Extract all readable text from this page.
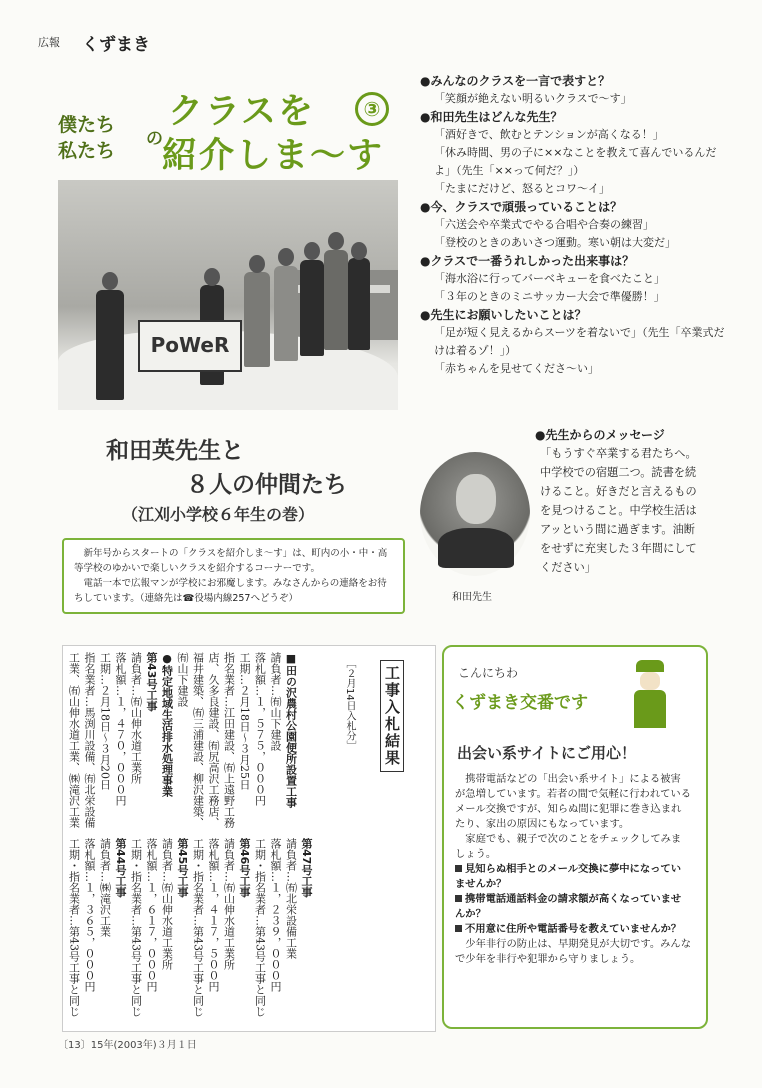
広報 くずまき
僕たち
私たち
の
クラスを
紹介しま～す
③
PoWeR
和田英先生と
８人の仲間たち
（江刈小学校６年生の巻）

新年号からスタートの「クラスを紹介しま～す」は、町内の小・中・高等学校のゆかいで楽しいクラスを紹介するコーナーです。

電話一本で広報マンが学校にお邪魔します。みなさんからの連絡をお待ちしています。（連絡先は☎役場内線257へどうぞ）

● みんなのクラスを一言で表すと？
「笑顔が絶えない明るいクラスで～す」
● 和田先生はどんな先生？
「酒好きで、飲むとテンションが高くなる！」
「休み時間、男の子に××なことを教えて喜んでいるんだよ」（先生「××って何だ？」）
「たまにだけど、怒るとコワ～イ」
● 今、クラスで頑張っていることは？
「六送会や卒業式でやる合唱や合奏の練習」
「登校のときのあいさつ運動。寒い朝は大変だ」
● クラスで一番うれしかった出来事は？
「海水浴に行ってバーベキューを食べたこと」
「３年のときのミニサッカー大会で準優勝！」
● 先生にお願いしたいことは？
「足が短く見えるからスーツを着ないで」（先生「卒業式だけは着るゾ！」）
「赤ちゃんを見せてくださ～い」
和田先生
●先生からのメッセージ
「もうすぐ卒業する君たちへ。中学校での宿題二つ。読書を続けること。好きだと言えるものを見つけること。中学校生活はアッという間に過ぎます。油断をせずに充実した３年間にしてください」
工事入札結果
［２月14日入札分］
■田の沢農村公園便所設置工事
請負者…㈲山下建設
落札額…１，５７５，０００円
工期…２月18日～３月25日
指名業者…江田建設、㈲上遠野工務店、久多良建設、㈲尻高沢工務店、福井建築、㈲三浦建設、柳沢建築、㈲山下建設
●特定地域生活排水処理事業
第43号工事
請負者…㈲山伸水道工業所
落札額…１，４７０，０００円
工期…２月18日～３月20日
指名業者…馬渕川設備、㈲北栄設備工業、㈲山伸水道工業、㈱滝沢工業
第47号工事
請負者…㈲北栄設備工業
落札額…１，２３９，０００円
工期・指名業者…第43号工事と同じ
第46号工事
請負者…㈲山伸水道工業所
落札額…１，４１７，５００円
工期・指名業者…第43号工事と同じ
第45号工事
請負者…㈲山伸水道工業所
落札額…１，６１７，０００円
工期・指名業者…第43号工事と同じ
第44号工事
請負者…㈱滝沢工業
落札額…１，３６５，０００円
工期・指名業者…第43号工事と同じ
こんにちわ
くずまき交番です
出会い系サイトにご用心！

携帯電話などの「出会い系サイト」による被害が急増しています。若者の間で気軽に行われているメール交換ですが、知らぬ間に犯罪に巻き込まれたり、家出の原因にもなっています。

家庭でも、親子で次のことをチェックしてみましょう。

見知らぬ相手とのメール交換に夢中になっていませんか？

携帯電話通話料金の請求額が高くなっていませんか？

不用意に住所や電話番号を教えていませんか？

少年非行の防止は、早期発見が大切です。みんなで少年を非行や犯罪から守りましょう。

〔13〕15年(2003年)３月１日
